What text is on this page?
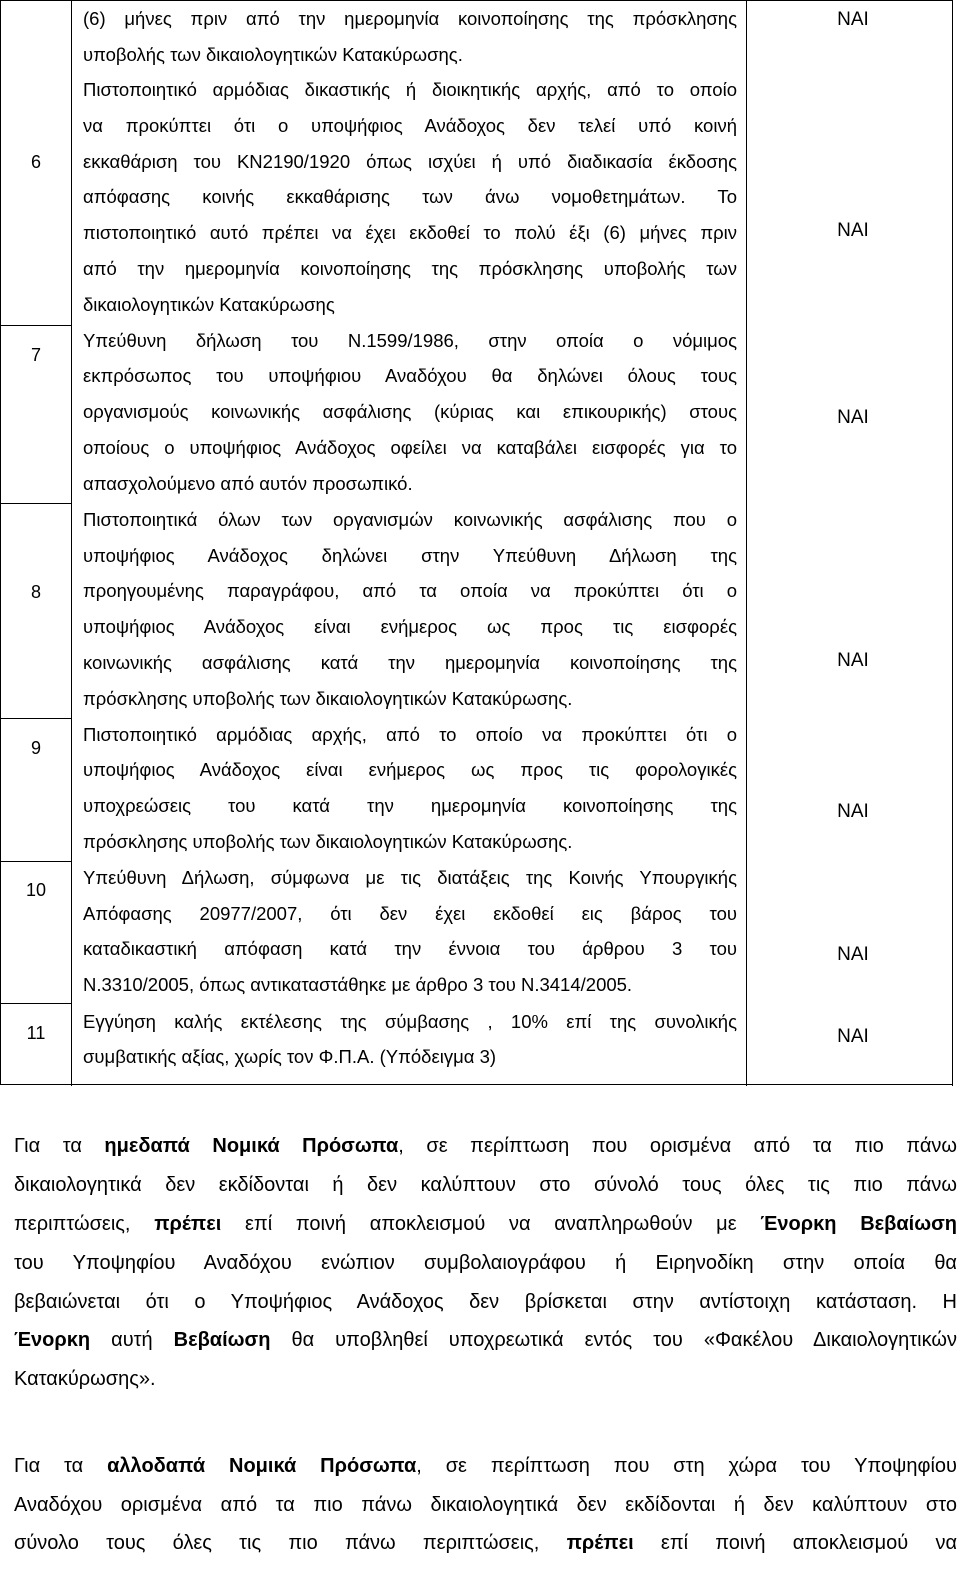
(6) μήνες πριν από την ημερομηνία κοινοποίησης της πρόσκλησης
υποβολής των δικαιολογητικών Κατακύρωσης.
ΝΑΙ
6
Πιστοποιητικό αρμόδιας δικαστικής ή διοικητικής αρχής, από το οποίο
να προκύπτει ότι ο υποψήφιος Ανάδοχος δεν τελεί υπό κοινή
εκκαθάριση του ΚΝ2190/1920 όπως ισχύει ή υπό διαδικασία έκδοσης
απόφασης κοινής εκκαθάρισης των άνω νομοθετημάτων. Το
πιστοποιητικό αυτό πρέπει να έχει εκδοθεί το πολύ έξι (6) μήνες πριν
από την ημερομηνία κοινοποίησης της πρόσκλησης υποβολής των
δικαιολογητικών Κατακύρωσης
ΝΑΙ
7
Υπεύθυνη δήλωση του Ν.1599/1986, στην οποία ο νόμιμος
εκπρόσωπος του υποψήφιου Αναδόχου θα δηλώνει όλους τους
οργανισμούς κοινωνικής ασφάλισης (κύριας και επικουρικής) στους
οποίους ο υποψήφιος Ανάδοχος οφείλει να καταβάλει εισφορές για το
απασχολούμενο από αυτόν προσωπικό.
ΝΑΙ
8
Πιστοποιητικά όλων των οργανισμών κοινωνικής ασφάλισης που ο
υποψήφιος Ανάδοχος δηλώνει στην Υπεύθυνη Δήλωση της
προηγουμένης παραγράφου, από τα οποία να προκύπτει ότι ο
υποψήφιος Ανάδοχος είναι ενήμερος ως προς τις εισφορές
κοινωνικής ασφάλισης κατά την ημερομηνία κοινοποίησης της
πρόσκλησης υποβολής των δικαιολογητικών Κατακύρωσης.
ΝΑΙ
9
Πιστοποιητικό αρμόδιας αρχής, από το οποίο να προκύπτει ότι ο
υποψήφιος Ανάδοχος είναι ενήμερος ως προς τις φορολογικές
υποχρεώσεις του κατά την ημερομηνία κοινοποίησης της
πρόσκλησης υποβολής των δικαιολογητικών Κατακύρωσης.
ΝΑΙ
10
Υπεύθυνη Δήλωση, σύμφωνα με τις διατάξεις της Κοινής Υπουργικής
Απόφασης 20977/2007, ότι δεν έχει εκδοθεί εις βάρος του
καταδικαστική απόφαση κατά την έννοια του άρθρου 3 του
Ν.3310/2005, όπως αντικαταστάθηκε με άρθρο 3 του Ν.3414/2005.
ΝΑΙ
11
Εγγύηση καλής εκτέλεσης της σύμβασης , 10% επί της συνολικής
συμβατικής αξίας, χωρίς τον Φ.Π.Α. (Υπόδειγμα 3)
ΝΑΙ
Για τα ημεδαπά Νομικά Πρόσωπα, σε περίπτωση που ορισμένα από τα πιο πάνω
δικαιολογητικά δεν εκδίδονται ή δεν καλύπτουν στο σύνολό τους όλες τις πιο πάνω
περιπτώσεις, πρέπει επί ποινή αποκλεισμού να αναπληρωθούν με Ένορκη Βεβαίωση
του Υποψηφίου Αναδόχου ενώπιον συμβολαιογράφου ή Ειρηνοδίκη στην οποία θα
βεβαιώνεται ότι ο Υποψήφιος Ανάδοχος δεν βρίσκεται στην αντίστοιχη κατάσταση. Η
Ένορκη αυτή Βεβαίωση θα υποβληθεί υποχρεωτικά εντός του «Φακέλου Δικαιολογητικών
Κατακύρωσης».
Για τα αλλοδαπά Νομικά Πρόσωπα, σε περίπτωση που στη χώρα του Υποψηφίου
Αναδόχου ορισμένα από τα πιο πάνω δικαιολογητικά δεν εκδίδονται ή δεν καλύπτουν στο
σύνολο τους όλες τις πιο πάνω περιπτώσεις, πρέπει επί ποινή αποκλεισμού να
